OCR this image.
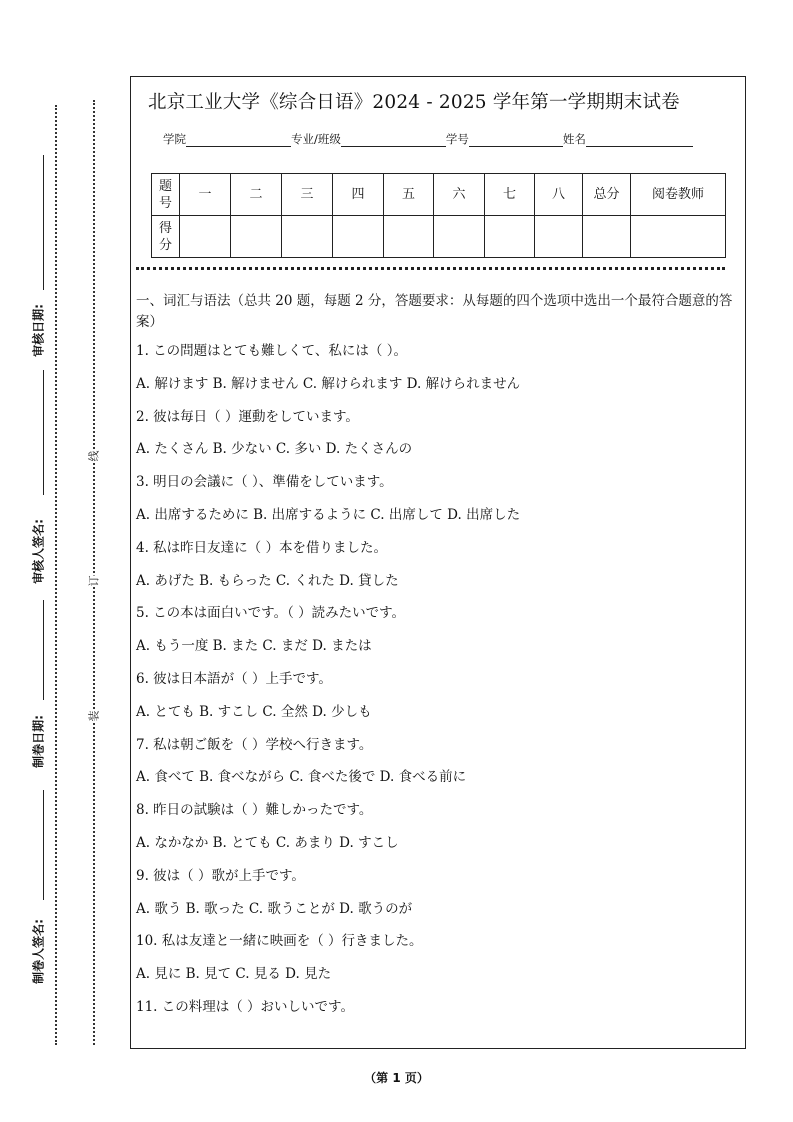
审核日期:
审核人签名:
制卷日期:
制卷人签名:
线
订
装
北京工业大学《综合日语》2024 - 2025 学年第一学期期末试卷
学院	专业/班级	学号	姓名
题号	一	二	三	四	五	六	七	八	总分	阅卷教师
得分										
一、词汇与语法（总共 20 题，每题 2 分，答题要求：从每题的四个选项中选出一个最符合题意的答案）
1. この問題はとても難しくて、私には（ ）。
A. 解けます B. 解けません C. 解けられます D. 解けられません
2. 彼は毎日（ ）運動をしています。
A. たくさん B. 少ない C. 多い D. たくさんの
3. 明日の会議に（ ）、準備をしています。
A. 出席するために B. 出席するように C. 出席して D. 出席した
4. 私は昨日友達に（ ）本を借りました。
A. あげた B. もらった C. くれた D. 貸した
5. この本は面白いです。（ ）読みたいです。
A. もう一度 B. また C. まだ D. または
6. 彼は日本語が（ ）上手です。
A. とても B. すこし C. 全然 D. 少しも
7. 私は朝ご飯を（ ）学校へ行きます。
A. 食べて B. 食べながら C. 食べた後で D. 食べる前に
8. 昨日の試験は（ ）難しかったです。
A. なかなか B. とても C. あまり D. すこし
9. 彼は（ ）歌が上手です。
A. 歌う B. 歌った C. 歌うことが D. 歌うのが
10. 私は友達と一緒に映画を（ ）行きました。
A. 見に B. 見て C. 見る D. 見た
11. この料理は（ ）おいしいです。
（第 1 页）
